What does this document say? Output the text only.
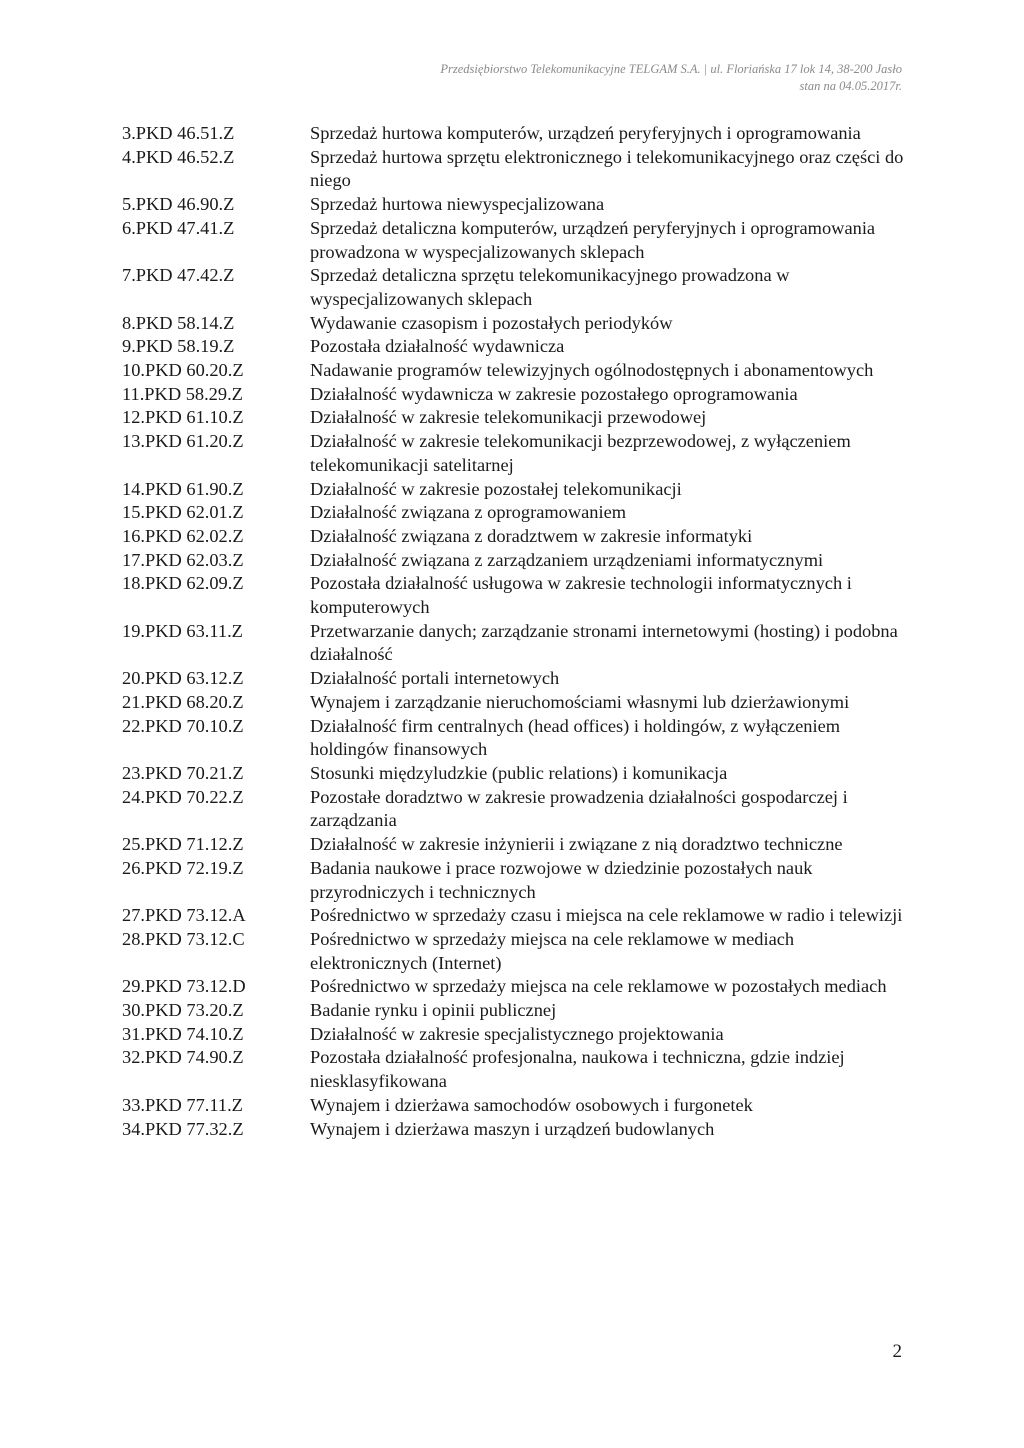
Przedsiębiorstwo Telekomunikacyjne TELGAM S.A. | ul. Floriańska 17 lok 14, 38-200 Jasło
stan na 04.05.2017r.
3.PKD 46.51.Z	Sprzedaż hurtowa komputerów, urządzeń peryferyjnych i oprogramowania
4.PKD 46.52.Z	Sprzedaż hurtowa sprzętu elektronicznego i telekomunikacyjnego oraz części do niego
5.PKD 46.90.Z	Sprzedaż hurtowa niewyspecjalizowana
6.PKD 47.41.Z	Sprzedaż detaliczna komputerów, urządzeń peryferyjnych i oprogramowania prowadzona w wyspecjalizowanych sklepach
7.PKD 47.42.Z	Sprzedaż detaliczna sprzętu telekomunikacyjnego prowadzona w wyspecjalizowanych sklepach
8.PKD 58.14.Z	Wydawanie czasopism i pozostałych periodyków
9.PKD 58.19.Z	Pozostała działalność wydawnicza
10.PKD 60.20.Z	Nadawanie programów telewizyjnych ogólnodostępnych i abonamentowych
11.PKD 58.29.Z	Działalność wydawnicza w zakresie pozostałego oprogramowania
12.PKD 61.10.Z	Działalność w zakresie telekomunikacji przewodowej
13.PKD 61.20.Z	Działalność w zakresie telekomunikacji bezprzewodowej, z wyłączeniem telekomunikacji satelitarnej
14.PKD 61.90.Z	Działalność w zakresie pozostałej telekomunikacji
15.PKD 62.01.Z	Działalność związana z oprogramowaniem
16.PKD 62.02.Z	Działalność związana z doradztwem w zakresie informatyki
17.PKD 62.03.Z	Działalność związana z zarządzaniem urządzeniami informatycznymi
18.PKD 62.09.Z	Pozostała działalność usługowa w zakresie technologii informatycznych i komputerowych
19.PKD 63.11.Z	Przetwarzanie danych; zarządzanie stronami internetowymi (hosting) i podobna działalność
20.PKD 63.12.Z	Działalność portali internetowych
21.PKD 68.20.Z	Wynajem i zarządzanie nieruchomościami własnymi lub dzierżawionymi
22.PKD 70.10.Z	Działalność firm centralnych (head offices) i holdingów, z wyłączeniem holdingów finansowych
23.PKD 70.21.Z	Stosunki międzyludzkie (public relations) i komunikacja
24.PKD 70.22.Z	Pozostałe doradztwo w zakresie prowadzenia działalności gospodarczej i zarządzania
25.PKD 71.12.Z	Działalność w zakresie inżynierii i związane z nią doradztwo techniczne
26.PKD 72.19.Z	Badania naukowe i prace rozwojowe w dziedzinie pozostałych nauk przyrodniczych i technicznych
27.PKD 73.12.A	Pośrednictwo w sprzedaży czasu i miejsca na cele reklamowe w radio i telewizji
28.PKD 73.12.C	Pośrednictwo w sprzedaży miejsca na cele reklamowe w mediach elektronicznych (Internet)
29.PKD 73.12.D	Pośrednictwo w sprzedaży miejsca na cele reklamowe w pozostałych mediach
30.PKD 73.20.Z	Badanie rynku i opinii publicznej
31.PKD 74.10.Z	Działalność w zakresie specjalistycznego projektowania
32.PKD 74.90.Z	Pozostała działalność profesjonalna, naukowa i techniczna, gdzie indziej niesklasyfikowana
33.PKD 77.11.Z	Wynajem i dzierżawa samochodów osobowych i furgonetek
34.PKD 77.32.Z	Wynajem i dzierżawa maszyn i urządzeń budowlanych
2
